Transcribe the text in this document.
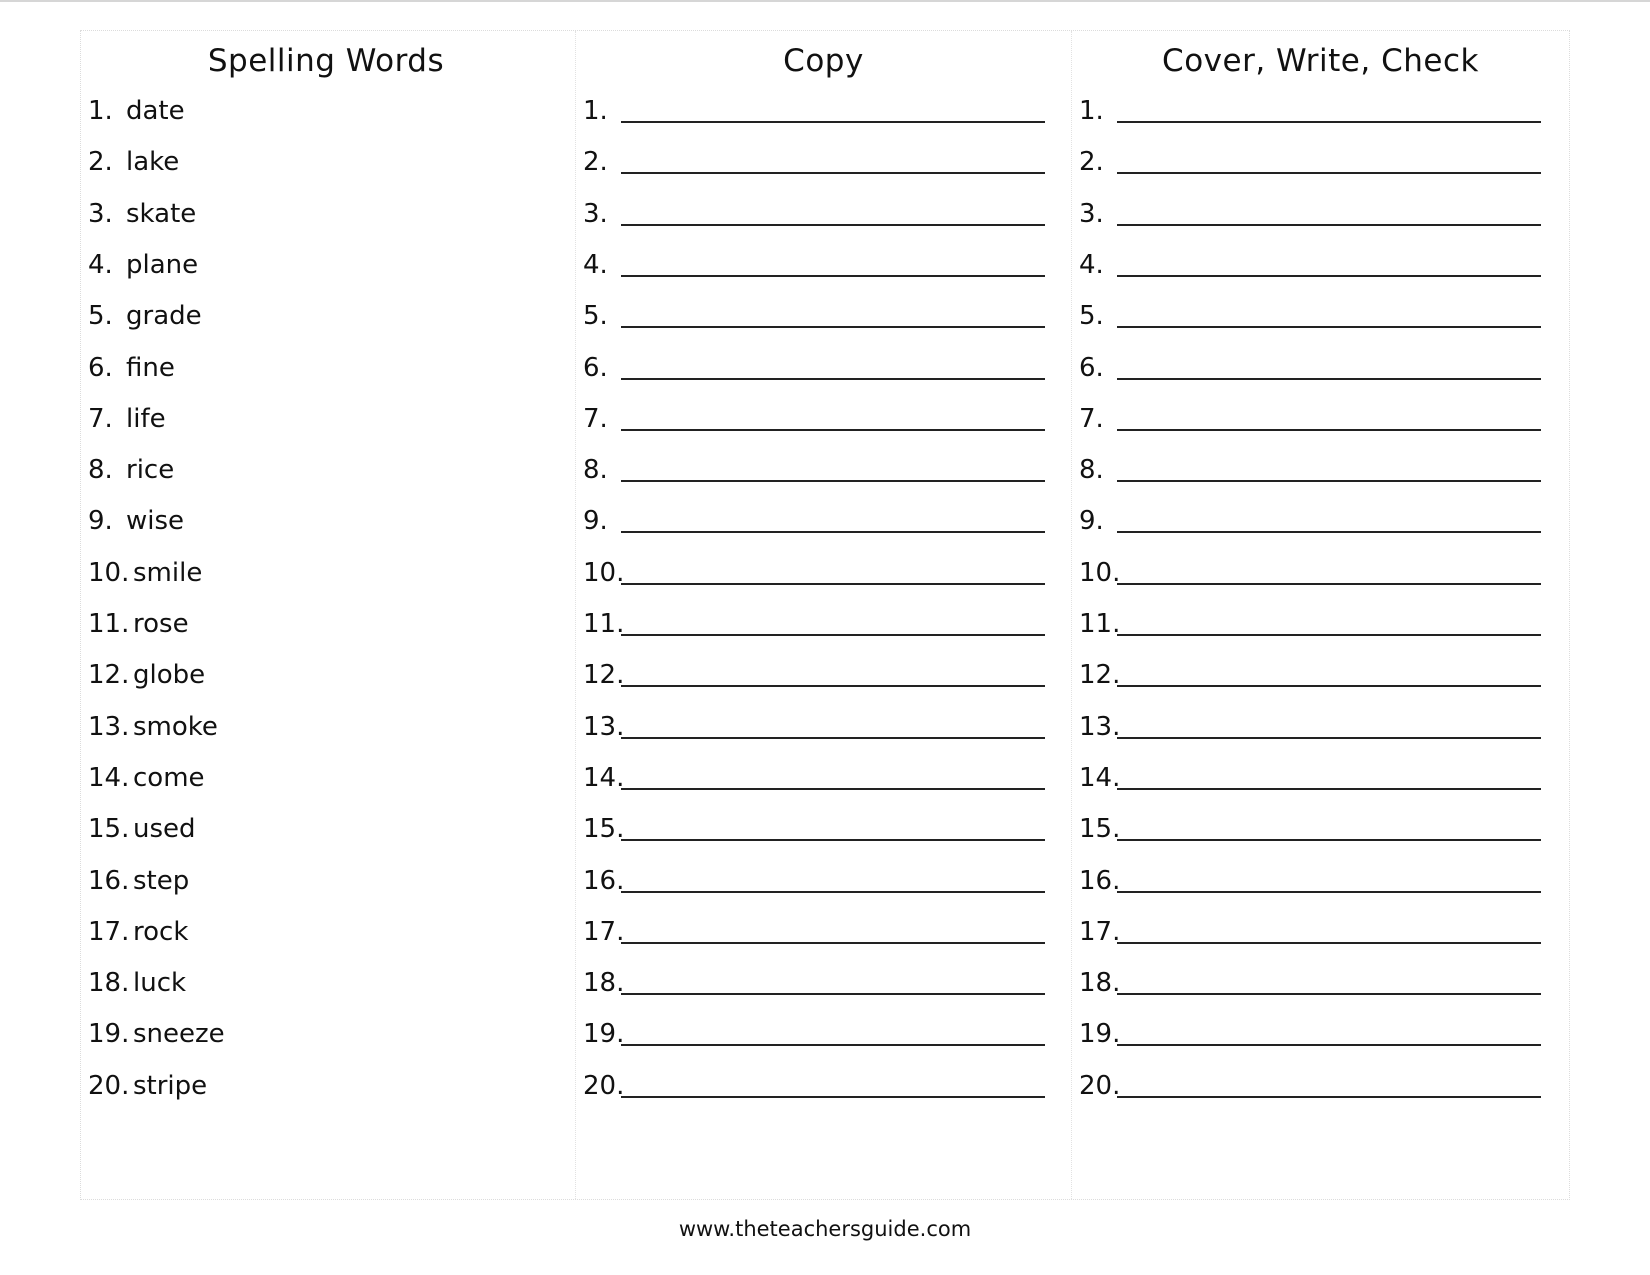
Spelling Words
1. date
2. lake
3. skate
4. plane
5. grade
6. fine
7. life
8. rice
9. wise
10. smile
11. rose
12. globe
13. smoke
14. come
15. used
16. step
17. rock
18. luck
19. sneeze
20. stripe
Copy
1.
2.
3.
4.
5.
6.
7.
8.
9.
10.
11.
12.
13.
14.
15.
16.
17.
18.
19.
20.
Cover, Write, Check
1.
2.
3.
4.
5.
6.
7.
8.
9.
10.
11.
12.
13.
14.
15.
16.
17.
18.
19.
20.
www.theteachersguide.com
